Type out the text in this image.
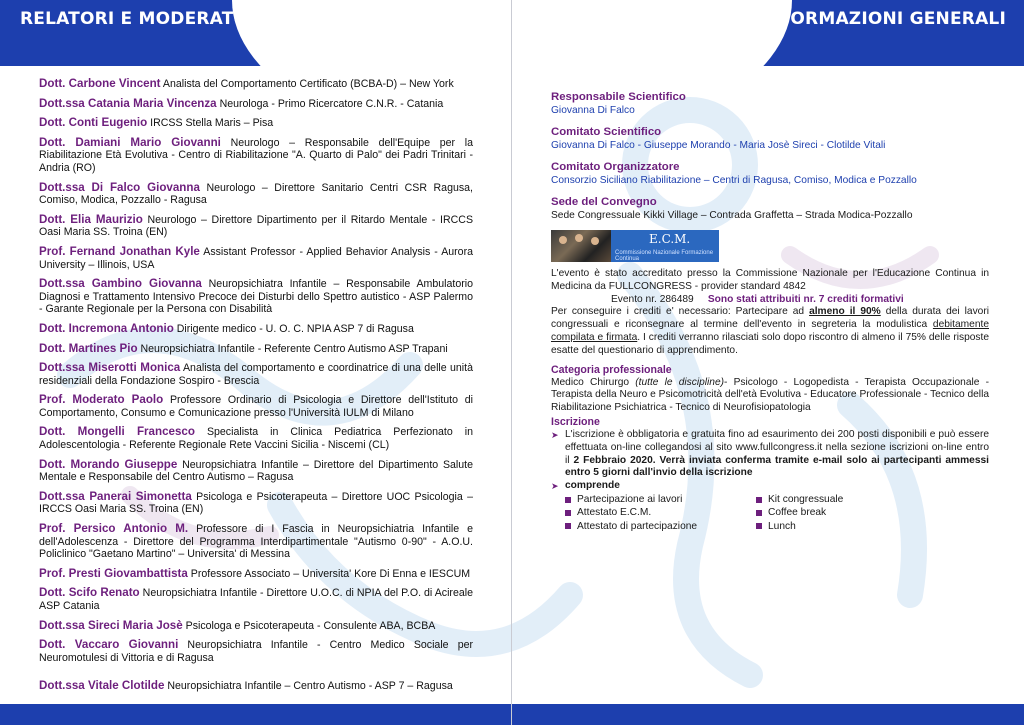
RELATORI E MODERATORI	INFORMAZIONI GENERALI

Dott. Carbone Vincent Analista del Comportamento Certificato (BCBA-D) – New York

Dott.ssa Catania Maria Vincenza Neurologa - Primo Ricercatore C.N.R. - Catania

Dott. Conti Eugenio IRCSS Stella Maris – Pisa

Dott. Damiani Mario Giovanni Neurologo – Responsabile dell'Equipe per la Riabilitazione Età Evolutiva - Centro di Riabilitazione "A. Quarto di Palo" dei Padri Trinitari - Andria (RO)

Dott.ssa Di Falco Giovanna Neurologo – Direttore Sanitario Centri CSR Ragusa, Comiso, Modica, Pozzallo - Ragusa

Dott. Elia Maurizio Neurologo – Direttore Dipartimento per il Ritardo Mentale - IRCCS Oasi Maria SS. Troina (EN)

Prof. Fernand Jonathan Kyle Assistant Professor - Applied Behavior Analysis - Aurora University – Illinois, USA

Dott.ssa Gambino Giovanna Neuropsichiatra Infantile – Responsabile Ambulatorio Diagnosi e Trattamento Intensivo Precoce dei Disturbi dello Spettro autistico - ASP Palermo - Garante Regionale per la Persona con Disabilità

Dott. Incremona Antonio Dirigente medico - U. O. C. NPIA ASP 7 di Ragusa

Dott. Martines Pio Neuropsichiatra Infantile - Referente Centro Autismo ASP Trapani

Dott.ssa Miserotti Monica Analista del comportamento e coordinatrice di una delle unità residenziali della Fondazione Sospiro - Brescia

Prof. Moderato Paolo Professore Ordinario di Psicologia e Direttore dell'Istituto di Comportamento, Consumo e Comunicazione presso l'Università IULM di Milano

Dott. Mongelli Francesco Specialista in Clinica Pediatrica Perfezionato in Adolescentologia - Referente Regionale Rete Vaccini Sicilia - Niscemi (CL)

Dott. Morando Giuseppe Neuropsichiatra Infantile – Direttore del Dipartimento Salute Mentale e Responsabile del Centro Autismo – Ragusa

Dott.ssa Panerai Simonetta Psicologa e Psicoterapeuta – Direttore UOC Psicologia – IRCCS Oasi Maria SS. Troina (EN)

Prof. Persico Antonio M. Professore di I Fascia in Neuropsichiatria Infantile e dell'Adolescenza - Direttore del Programma Interdipartimentale "Autismo 0-90" - A.O.U. Policlinico "Gaetano Martino" – Universita' di Messina

Prof. Presti Giovambattista Professore Associato – Universita' Kore Di Enna e IESCUM

Dott. Scifo Renato Neuropsichiatra Infantile - Direttore U.O.C. di NPIA del P.O. di Acireale ASP Catania

Dott.ssa Sireci Maria Josè Psicologa e Psicoterapeuta - Consulente ABA, BCBA

Dott. Vaccaro Giovanni Neuropsichiatra Infantile - Centro Medico Sociale per Neuromotulesi di Vittoria e di Ragusa

Dott.ssa Vitale Clotilde Neuropsichiatra Infantile – Centro Autismo - ASP 7 – Ragusa

Responsabile Scientifico
Giovanna Di Falco
Comitato Scientifico
Giovanna Di Falco - Giuseppe Morando - Maria Josè Sireci - Clotilde Vitali
Comitato Organizzatore
Consorzio Siciliano Riabilitazione – Centri di Ragusa, Comiso, Modica e Pozzallo
Sede del Convegno
Sede Congressuale Kikki Village – Contrada Graffetta – Strada Modica-Pozzallo
E.C.M.
Commissione Nazionale Formazione Continua

L'evento è stato accreditato presso la Commissione Nazionale per l'Educazione Continua in Medicina da FULLCONGRESS - provider standard 4842

Evento nr. 286489 Sono stati attribuiti nr. 7 crediti formativi

Per conseguire i crediti e' necessario: Partecipare ad almeno il 90% della durata dei lavori congressuali e riconsegnare al termine dell'evento in segreteria la modulistica debitamente compilata e firmata. I crediti verranno rilasciati solo dopo riscontro di almeno il 75% delle risposte esatte del questionario di apprendimento.

Categoria professionale

Medico Chirurgo (tutte le discipline)- Psicologo - Logopedista - Terapista Occupazionale - Terapista della Neuro e Psicomotricità dell'età Evolutiva - Educatore Professionale - Tecnico della Riabilitazione Psichiatrica - Tecnico di Neurofisiopatologia

Iscrizione
➤ L'iscrizione è obbligatoria e gratuita fino ad esaurimento dei 200 posti disponibili e può essere effettuata on-line collegandosi al sito www.fullcongress.it nella sezione iscrizioni on-line entro il 2 Febbraio 2020. Verrà inviata conferma tramite e-mail solo ai partecipanti ammessi entro 5 giorni dall'invio della iscrizione
➤ comprende
Partecipazione ai lavori	Kit congressuale
Attestato E.C.M.	Coffee break
Attestato di partecipazione	Lunch
